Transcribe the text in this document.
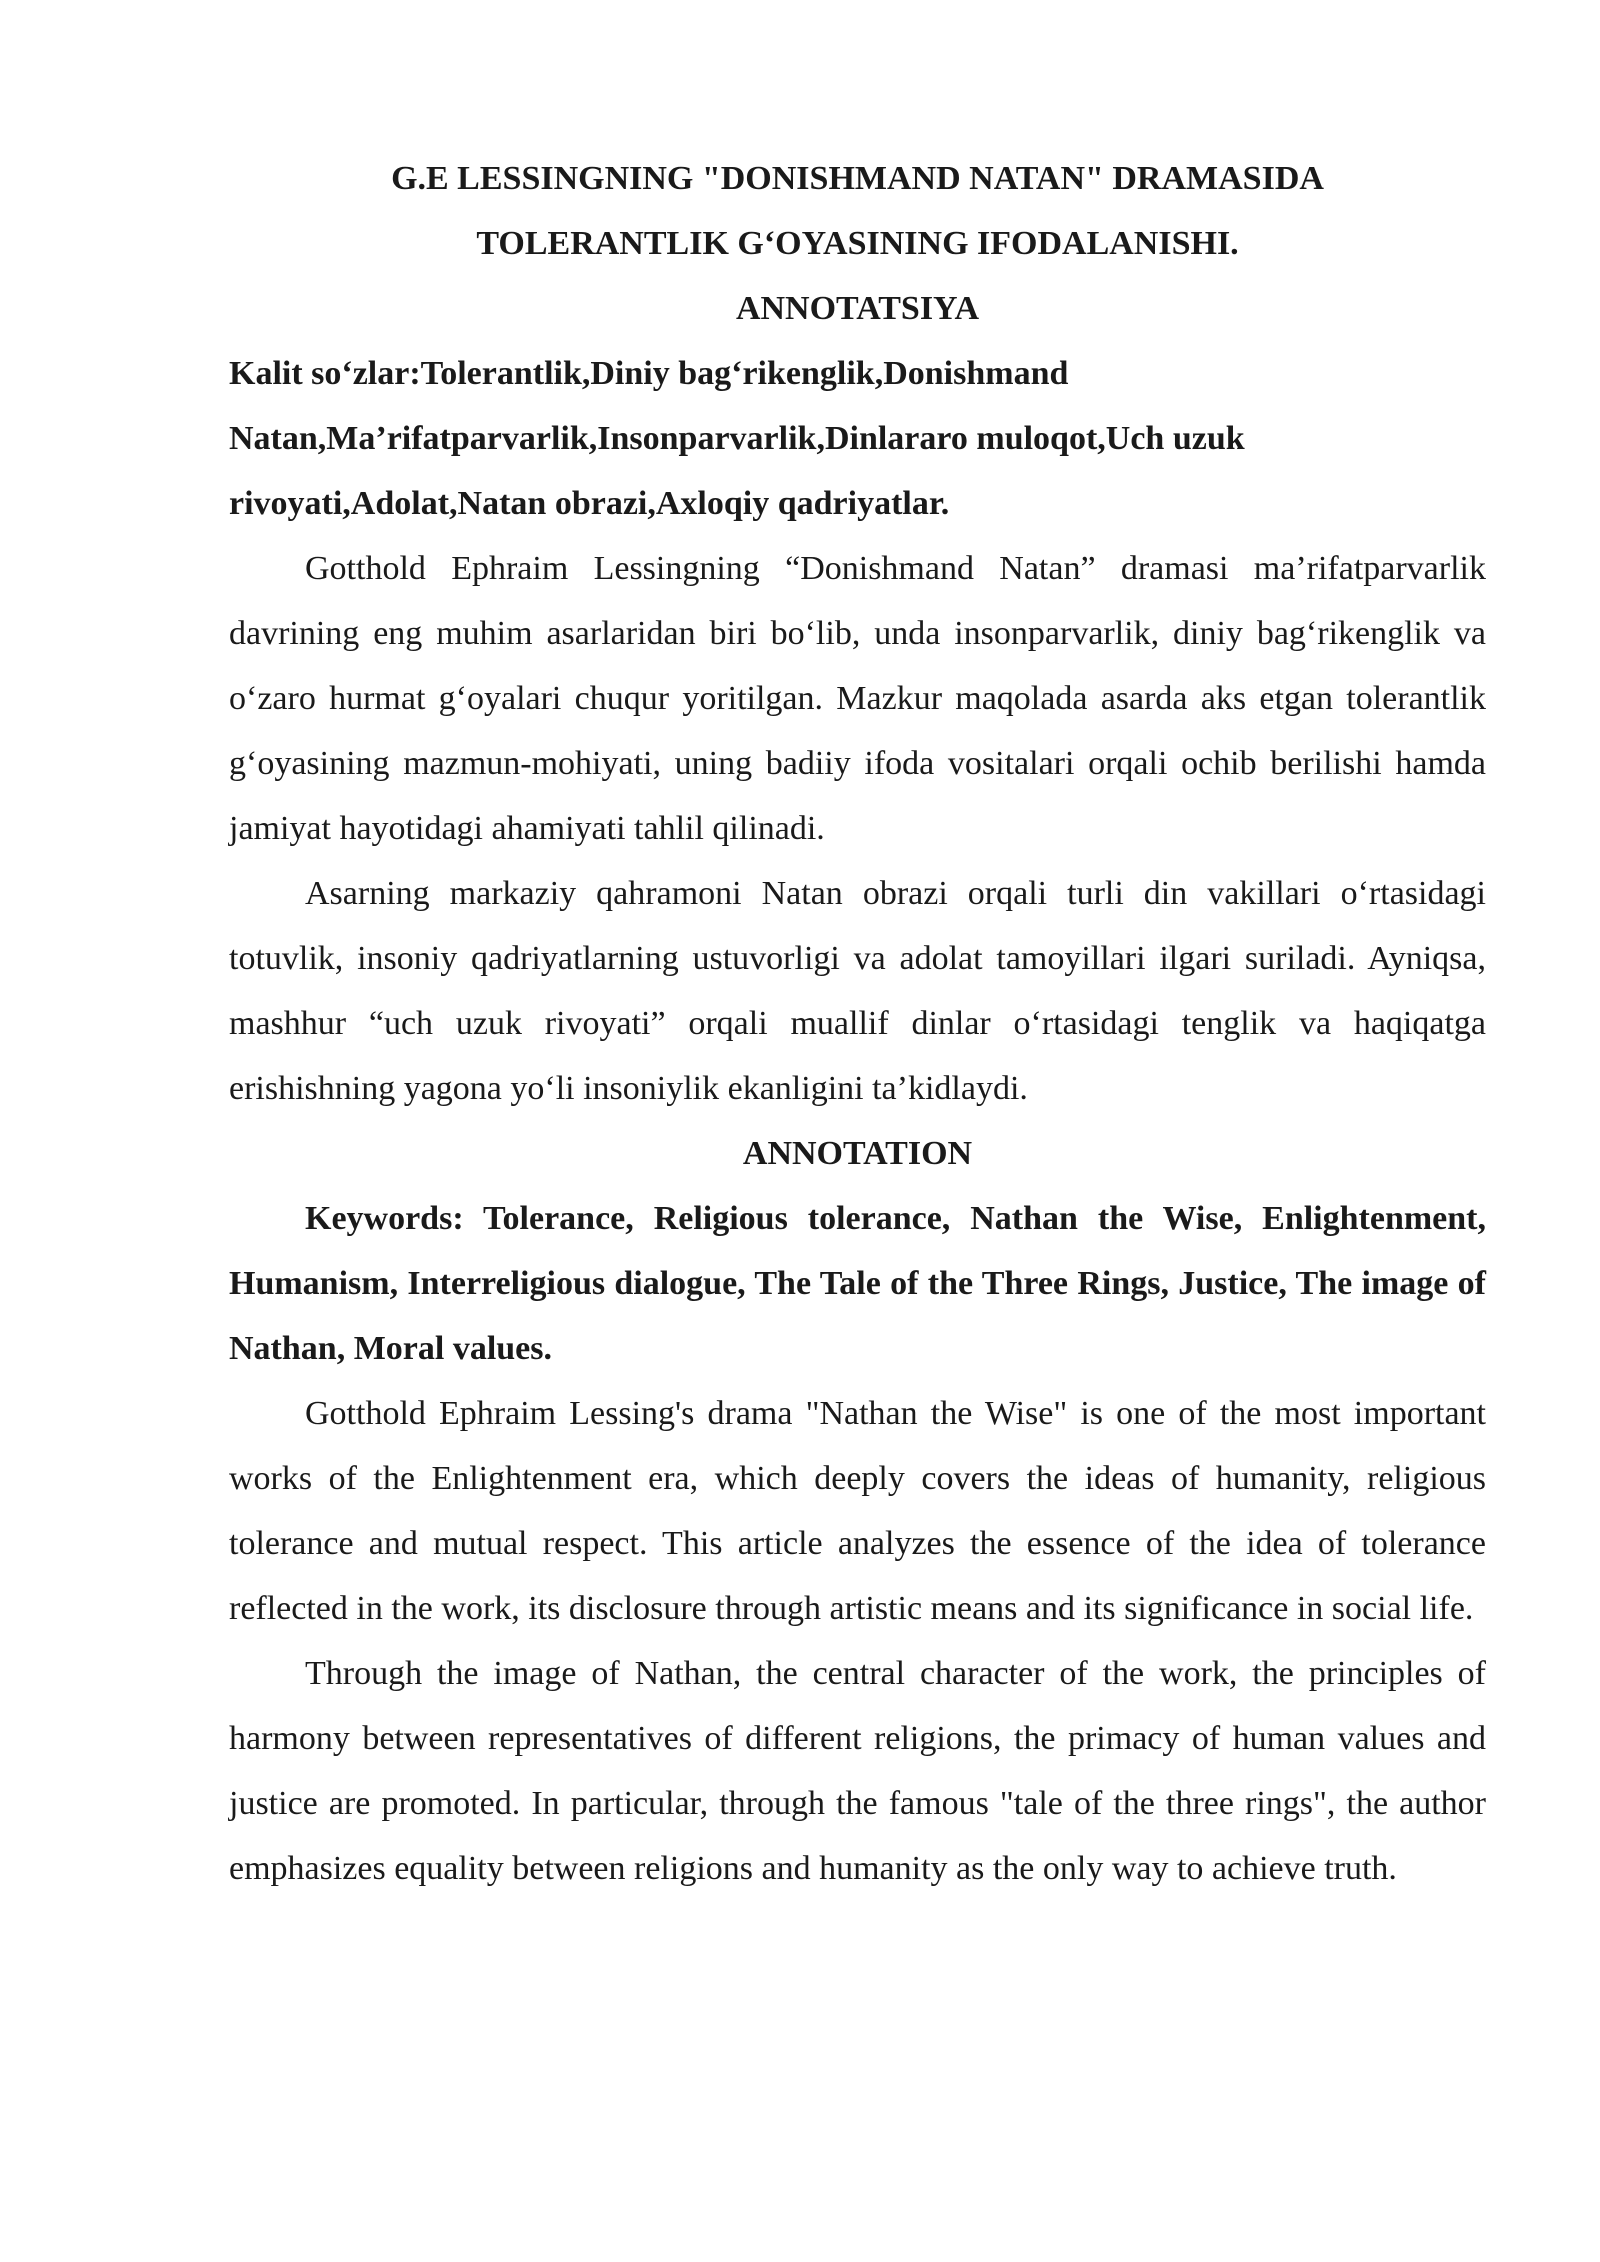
G.E LESSINGNING "DONISHMAND NATAN" DRAMASIDA

TOLERANTLIK G‘OYASINING IFODALANISHI.

ANNOTATSIYA

Kalit so‘zlar:Tolerantlik,Diniy bag‘rikenglik,Donishmand

Natan,Ma’rifatparvarlik,Insonparvarlik,Dinlararo muloqot,Uch uzuk

rivoyati,Adolat,Natan obrazi,Axloqiy qadriyatlar.

Gotthold Ephraim Lessingning “Donishmand Natan” dramasi ma’rifatparvarlik davrining eng muhim asarlaridan biri bo‘lib, unda insonparvarlik, diniy bag‘rikenglik va o‘zaro hurmat g‘oyalari chuqur yoritilgan. Mazkur maqolada asarda aks etgan tolerantlik g‘oyasining mazmun-mohiyati, uning badiiy ifoda vositalari orqali ochib berilishi hamda jamiyat hayotidagi ahamiyati tahlil qilinadi.

Asarning markaziy qahramoni Natan obrazi orqali turli din vakillari o‘rtasidagi totuvlik, insoniy qadriyatlarning ustuvorligi va adolat tamoyillari ilgari suriladi. Ayniqsa, mashhur “uch uzuk rivoyati” orqali muallif dinlar o‘rtasidagi tenglik va haqiqatga erishishning yagona yo‘li insoniylik ekanligini ta’kidlaydi.

ANNOTATION

Keywords: Tolerance, Religious tolerance, Nathan the Wise, Enlightenment, Humanism, Interreligious dialogue, The Tale of the Three Rings, Justice, The image of Nathan, Moral values.

Gotthold Ephraim Lessing's drama "Nathan the Wise" is one of the most important works of the Enlightenment era, which deeply covers the ideas of humanity, religious tolerance and mutual respect. This article analyzes the essence of the idea of tolerance reflected in the work, its disclosure through artistic means and its significance in social life.

Through the image of Nathan, the central character of the work, the principles of harmony between representatives of different religions, the primacy of human values and justice are promoted. In particular, through the famous "tale of the three rings", the author emphasizes equality between religions and humanity as the only way to achieve truth.
